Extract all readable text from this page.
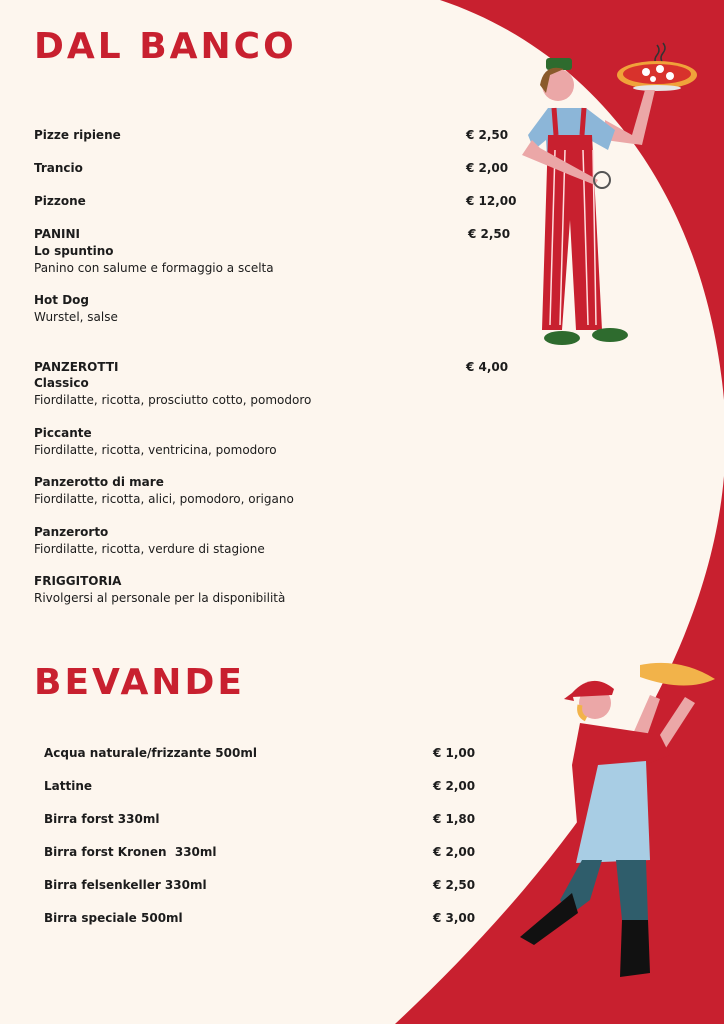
DAL BANCO
Pizze ripiene	€ 2,50
Trancio	€ 2,00
Pizzone	€ 12,00
PANINI	€ 2,50
Lo spuntino
Panino con salume e formaggio a scelta
Hot Dog
Wurstel, salse
PANZEROTTI	€ 4,00
Classico
Fiordilatte, ricotta, prosciutto cotto, pomodoro
Piccante
Fiordilatte, ricotta, ventricina, pomodoro
Panzerotto di mare
Fiordilatte, ricotta, alici, pomodoro, origano
Panzerorto
Fiordilatte, ricotta, verdure di stagione
FRIGGITORIA
Rivolgersi al personale per la disponibilità
BEVANDE
Acqua naturale/frizzante 500ml	€ 1,00
Lattine	€ 2,00
Birra forst 330ml	€ 1,80
Birra forst Kronen  330ml	€ 2,00
Birra felsenkeller 330ml	€ 2,50
Birra speciale 500ml	€ 3,00
